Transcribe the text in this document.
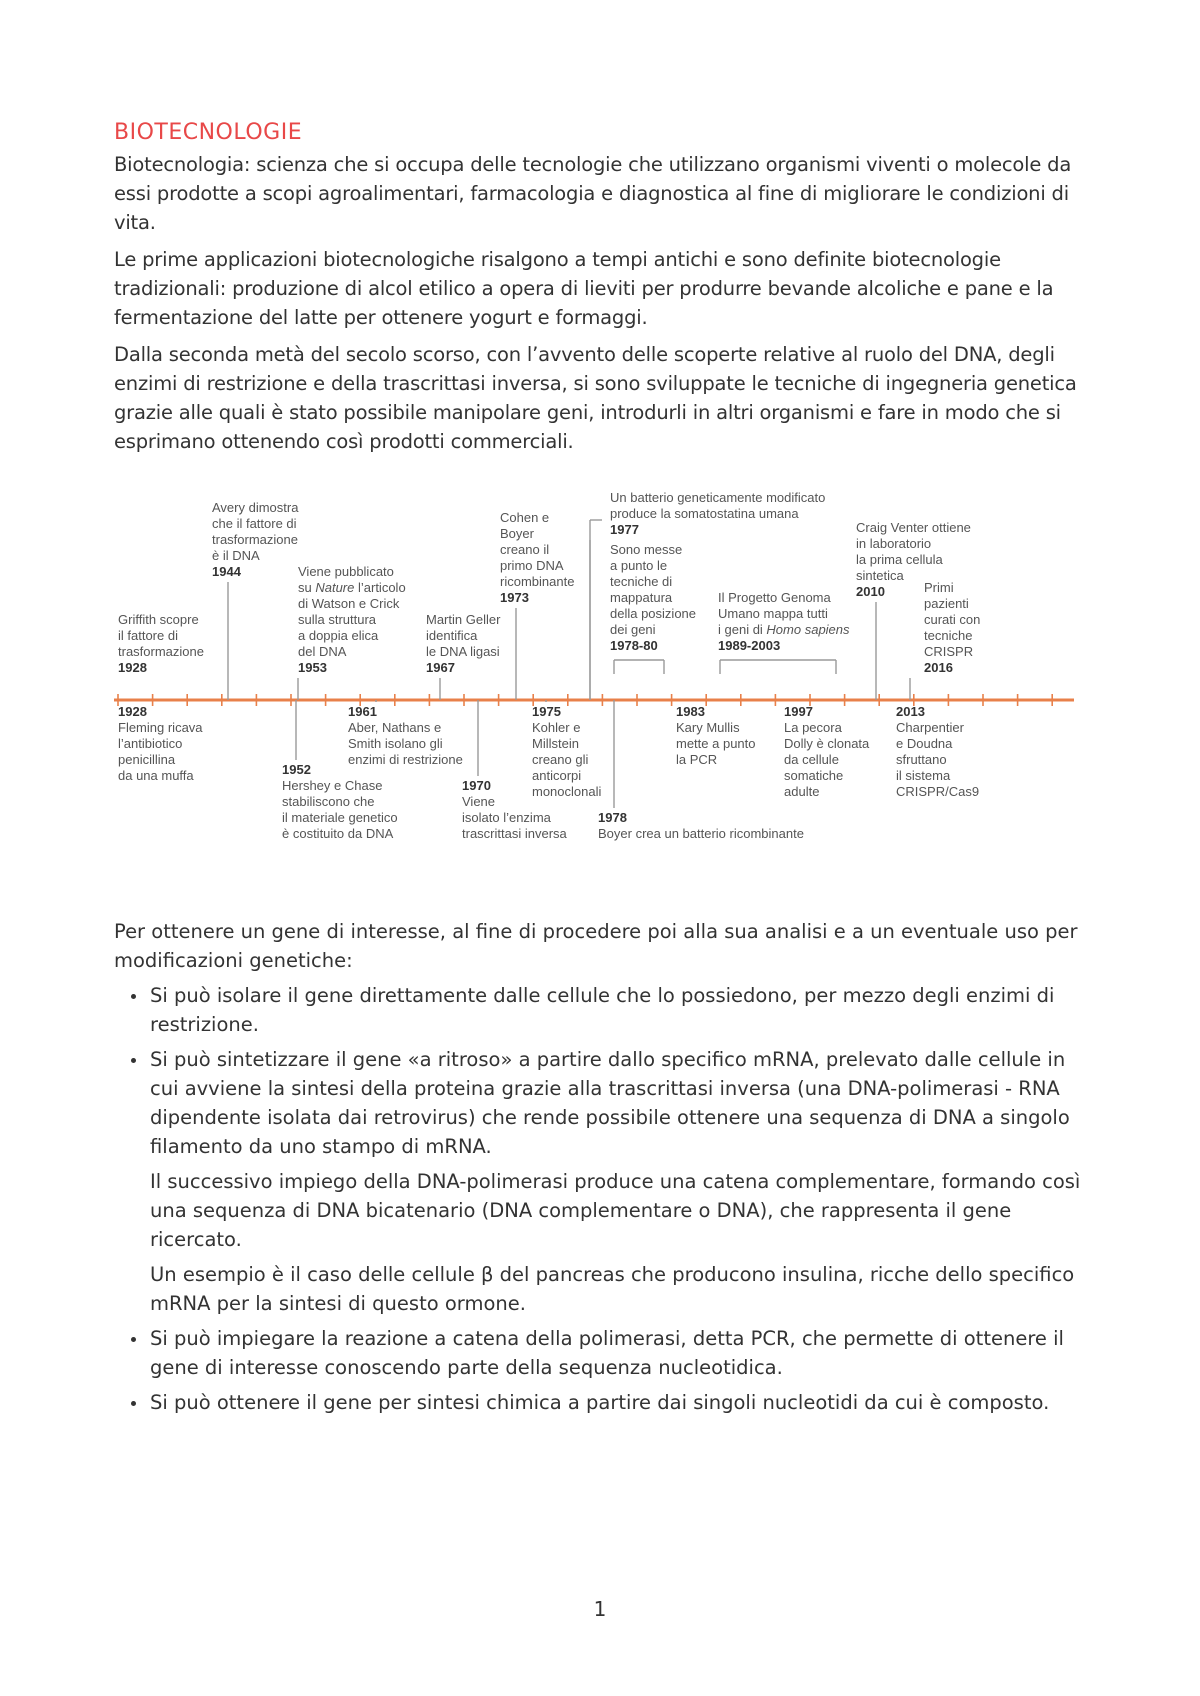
BIOTECNOLOGIE

Biotecnologia: scienza che si occupa delle tecnologie che utilizzano organismi viventi o molecole da essi prodotte a scopi agroalimentari, farmacologia e diagnostica al fine di migliorare le condizioni di vita.

Le prime applicazioni biotecnologiche risalgono a tempi antichi e sono definite biotecnologie tradizionali: produzione di alcol etilico a opera di lieviti per produrre bevande alcoliche e pane e la fermentazione del latte per ottenere yogurt e formaggi.

Dalla seconda metà del secolo scorso, con l’avvento delle scoperte relative al ruolo del DNA, degli enzimi di restrizione e della trascrittasi inversa, si sono sviluppate le tecniche di ingegneria genetica grazie alle quali è stato possibile manipolare geni, introdurli in altri organismi e fare in modo che si esprimano ottenendo così prodotti commerciali.

Griffith scopre
il fattore di
trasformazione
1928
Avery dimostra
che il fattore di
trasformazione
è il DNA
1944	Viene pubblicato
su Nature l’articolo
di Watson e Crick
sulla struttura
a doppia elica
del DNA
1953
Martin Geller
identifica
le DNA ligasi
1967
Cohen e
Boyer
creano il
primo DNA
ricombinante
1973
Un batterio geneticamente modificato
produce la somatostatina umana
1977
Sono messe
a punto le
tecniche di
mappatura
della posizione
dei geni
1978-80
Il Progetto Genoma
Umano mappa tutti
i geni di Homo sapiens
1989-2003
Craig Venter ottiene
in laboratorio
la prima cellula
sintetica
2010	Primi
pazienti
curati con
tecniche
CRISPR
2016
1928
Fleming ricava
l’antibiotico
penicillina
da una muffa	1952
Hershey e Chase
stabiliscono che
il materiale genetico
è costituito da DNA
1961
Aber, Nathans e
Smith isolano gli
enzimi di restrizione
1970
Viene
isolato l’enzima
trascrittasi inversa
1975
Kohler e
Millstein
creano gli
anticorpi
monoclonali
1978
Boyer crea un batterio ricombinante
1983
Kary Mullis
mette a punto
la PCR
1997
La pecora
Dolly è clonata
da cellule
somatiche
adulte
2013
Charpentier
e Doudna
sfruttano
il sistema
CRISPR/Cas9

Per ottenere un gene di interesse, al fine di procedere poi alla sua analisi e a un eventuale uso per modificazioni genetiche:

Si può isolare il gene direttamente dalle cellule che lo possiedono, per mezzo degli enzimi di restrizione.
Si può sintetizzare il gene «a ritroso» a partire dallo specifico mRNA, prelevato dalle cellule in cui avviene la sintesi della proteina grazie alla trascrittasi inversa (una DNA-polimerasi - RNA dipendente isolata dai retrovirus) che rende possibile ottenere una sequenza di DNA a singolo filamento da uno stampo di mRNA.

Il successivo impiego della DNA-polimerasi produce una catena complementare, formando così una sequenza di DNA bicatenario (DNA complementare o DNA), che rappresenta il gene ricercato.

Un esempio è il caso delle cellule β del pancreas che producono insulina, ricche dello specifico mRNA per la sintesi di questo ormone.

Si può impiegare la reazione a catena della polimerasi, detta PCR, che permette di ottenere il gene di interesse conoscendo parte della sequenza nucleotidica.
Si può ottenere il gene per sintesi chimica a partire dai singoli nucleotidi da cui è composto.
1
